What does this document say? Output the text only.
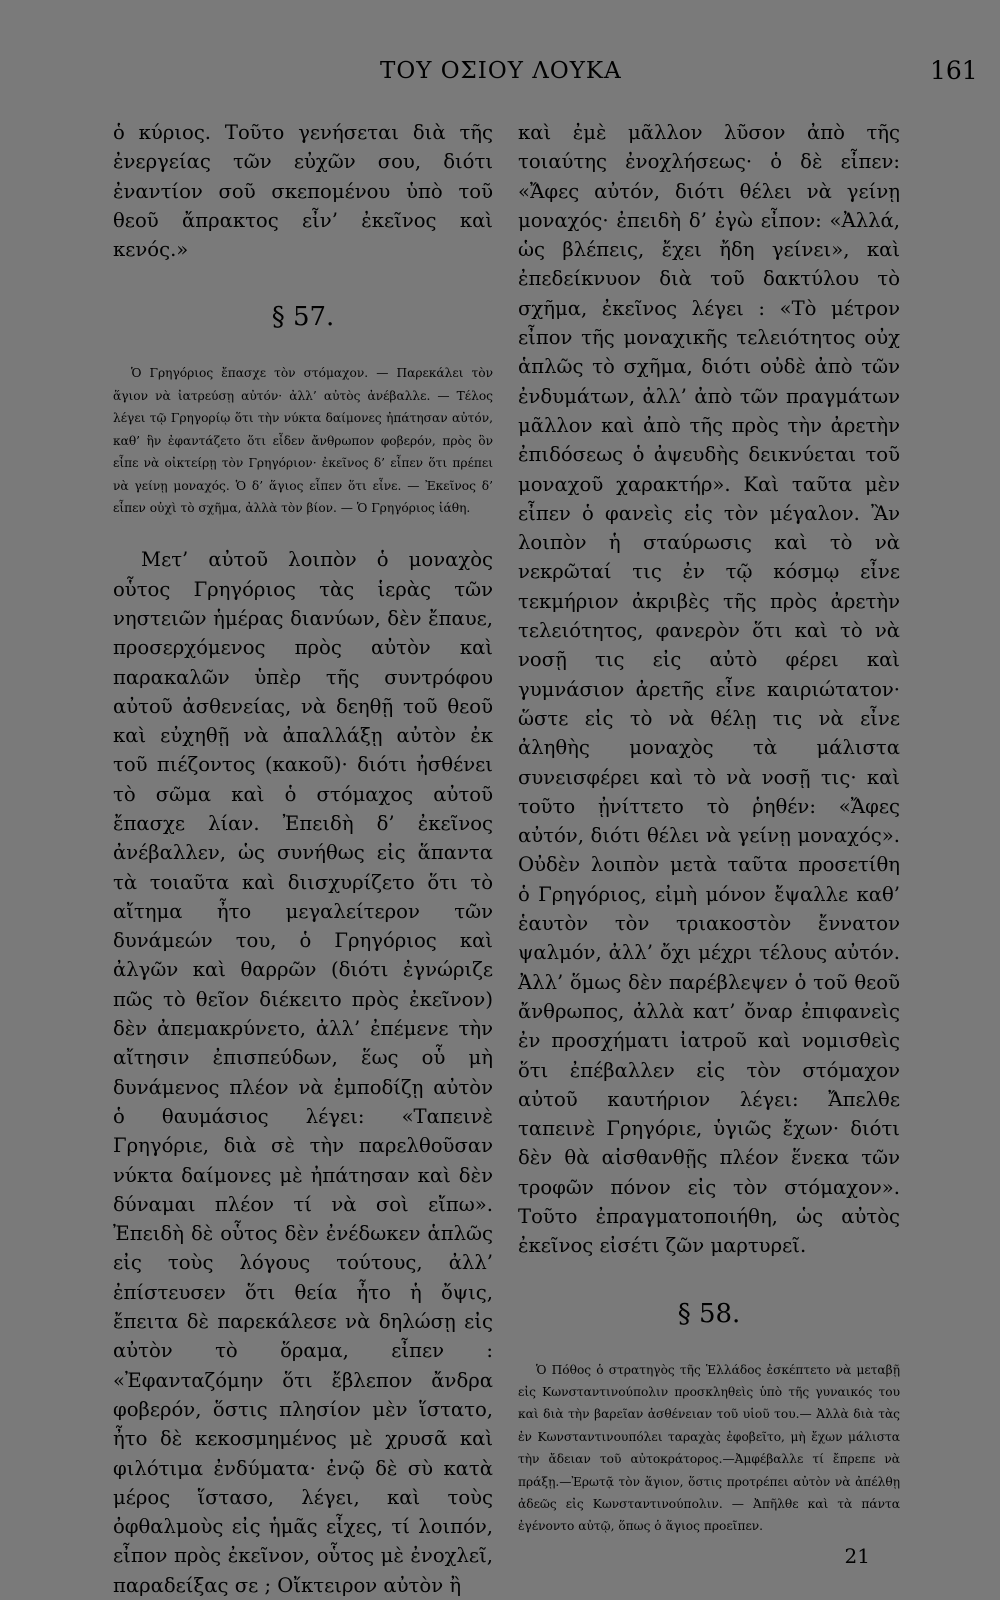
ΤΟΥ ΟΣΙΟΥ ΛΟΥΚΑ	161

ὁ κύριος. Τοῦτο γενήσεται διὰ τῆς ἐνεργείας τῶν εὐχῶν σου, διότι ἐναντίον σοῦ σκεπομένου ὑπὸ τοῦ θεοῦ ἄπρακτος εἶν’ ἐκεῖνος καὶ κενός.»

§ 57.

Ὁ Γρηγόριος ἔπασχε τὸν στόμαχον. — Παρεκάλει τὸν ἅγιον νὰ ἰατρεύσῃ αὐτόν· ἀλλ’ αὐτὸς ἀνέβαλλε. — Τέλος λέγει τῷ Γρηγορίῳ ὅτι τὴν νύκτα δαίμονες ἠπάτησαν αὐτόν, καθ’ ἣν ἐφαντάζετο ὅτι εἶδεν ἄνθρωπον φοβερόν, πρὸς ὃν εἶπε νὰ οἰκτείρῃ τὸν Γρηγόριον· ἐκεῖνος δ’ εἶπεν ὅτι πρέπει νὰ γείνῃ μοναχός. Ὁ δ’ ἅγιος εἶπεν ὅτι εἶνε. — Ἐκεῖνος δ’ εἶπεν οὐχὶ τὸ σχῆμα, ἀλλὰ τὸν βίον. — Ὁ Γρηγόριος ἰάθη.

Μετ’ αὐτοῦ λοιπὸν ὁ μοναχὸς οὗτος Γρηγόριος τὰς ἱερὰς τῶν νηστειῶν ἡμέρας διανύων, δὲν ἔπαυε, προσερχόμενος πρὸς αὐτὸν καὶ παρακαλῶν ὑπὲρ τῆς συντρόφου αὐτοῦ ἀσθενείας, νὰ δεηθῇ τοῦ θεοῦ καὶ εὐχηθῇ νὰ ἀπαλλάξῃ αὐτὸν ἐκ τοῦ πιέζοντος (κακοῦ)· διότι ἠσθένει τὸ σῶμα καὶ ὁ στόμαχος αὐτοῦ ἔπασχε λίαν. Ἐπειδὴ δ’ ἐκεῖνος ἀνέβαλλεν, ὡς συνήθως εἰς ἅπαντα τὰ τοιαῦτα καὶ διισχυρίζετο ὅτι τὸ αἴτημα ἦτο μεγαλείτερον τῶν δυνάμεών του, ὁ Γρηγόριος καὶ ἀλγῶν καὶ θαρρῶν (διότι ἐγνώριζε πῶς τὸ θεῖον διέκειτο πρὸς ἐκεῖνον) δὲν ἀπεμακρύνετο, ἀλλ’ ἐπέμενε τὴν αἴτησιν ἐπισπεύδων, ἕως οὗ μὴ δυνάμενος πλέον νὰ ἐμποδίζῃ αὐτὸν ὁ θαυμάσιος λέγει: «Ταπεινὲ Γρηγόριε, διὰ σὲ τὴν παρελθοῦσαν νύκτα δαίμονες μὲ ἠπάτησαν καὶ δὲν δύναμαι πλέον τί νὰ σοὶ εἴπω». Ἐπειδὴ δὲ οὗτος δὲν ἐνέδωκεν ἁπλῶς εἰς τοὺς λόγους τούτους, ἀλλ’ ἐπίστευσεν ὅτι θεία ἦτο ἡ ὄψις, ἔπειτα δὲ παρεκάλεσε νὰ δηλώσῃ εἰς αὐτὸν τὸ ὅραμα, εἶπεν : «Ἐφανταζόμην ὅτι ἔβλεπον ἄνδρα φοβερόν, ὅστις πλησίον μὲν ἵστατο, ἦτο δὲ κεκοσμημένος μὲ χρυσᾶ καὶ φιλότιμα ἐνδύματα· ἐνῷ δὲ σὺ κατὰ μέρος ἵστασο, λέγει, καὶ τοὺς ὀφθαλμοὺς εἰς ἡμᾶς εἶχες, τί λοιπόν, εἶπον πρὸς ἐκεῖνον, οὗτος μὲ ἐνοχλεῖ, παραδείξας σε ; Οἴκτειρον αὐτὸν ἢ

καὶ ἐμὲ μᾶλλον λῦσον ἀπὸ τῆς τοιαύτης ἐνοχλήσεως· ὁ δὲ εἶπεν: «Ἄφες αὐτόν, διότι θέλει νὰ γείνῃ μοναχός· ἐπειδὴ δ’ ἐγὼ εἶπον: «Ἀλλά, ὡς βλέπεις, ἔχει ἤδη γείνει», καὶ ἐπεδείκνυον διὰ τοῦ δακτύλου τὸ σχῆμα, ἐκεῖνος λέγει : «Τὸ μέτρον εἶπον τῆς μοναχικῆς τελειότητος οὐχ ἁπλῶς τὸ σχῆμα, διότι οὐδὲ ἀπὸ τῶν ἐνδυμάτων, ἀλλ’ ἀπὸ τῶν πραγμάτων μᾶλλον καὶ ἀπὸ τῆς πρὸς τὴν ἀρετὴν ἐπιδόσεως ὁ ἀψευδὴς δεικνύεται τοῦ μοναχοῦ χαρακτήρ». Καὶ ταῦτα μὲν εἶπεν ὁ φανεὶς εἰς τὸν μέγαλον. Ἂν λοιπὸν ἡ σταύρωσις καὶ τὸ νὰ νεκρῶταί τις ἐν τῷ κόσμῳ εἶνε τεκμήριον ἀκριβὲς τῆς πρὸς ἀρετὴν τελειότητος, φανερὸν ὅτι καὶ τὸ νὰ νοσῇ τις εἰς αὐτὸ φέρει καὶ γυμνάσιον ἀρετῆς εἶνε καιριώτατον· ὥστε εἰς τὸ νὰ θέλῃ τις νὰ εἶνε ἀληθὴς μοναχὸς τὰ μάλιστα συνεισφέρει καὶ τὸ νὰ νοσῇ τις· καὶ τοῦτο ᾐνίττετο τὸ ῥηθέν: «Ἄφες αὐτόν, διότι θέλει νὰ γείνῃ μοναχός». Οὐδὲν λοιπὸν μετὰ ταῦτα προσετίθη ὁ Γρηγόριος, εἰμὴ μόνον ἔψαλλε καθ’ ἑαυτὸν τὸν τριακοστὸν ἔννατον ψαλμόν, ἀλλ’ ὄχι μέχρι τέλους αὐτόν. Ἀλλ’ ὅμως δὲν παρέβλεψεν ὁ τοῦ θεοῦ ἄνθρωπος, ἀλλὰ κατ’ ὄναρ ἐπιφανεὶς ἐν προσχήματι ἰατροῦ καὶ νομισθεὶς ὅτι ἐπέβαλλεν εἰς τὸν στόμαχον αὐτοῦ καυτήριον λέγει: Ἄπελθε ταπεινὲ Γρηγόριε, ὑγιῶς ἔχων· διότι δὲν θὰ αἰσθανθῇς πλέον ἕνεκα τῶν τροφῶν πόνον εἰς τὸν στόμαχον». Τοῦτο ἐπραγματοποιήθη, ὡς αὐτὸς ἐκεῖνος εἰσέτι ζῶν μαρτυρεῖ.

§ 58.

Ὁ Πόθος ὁ στρατηγὸς τῆς Ἑλλάδος ἐσκέπτετο νὰ μεταβῇ εἰς Κωνσταντινούπολιν προσκληθεὶς ὑπὸ τῆς γυναικός του καὶ διὰ τὴν βαρεῖαν ἀσθένειαν τοῦ υἱοῦ του.— Ἀλλὰ διὰ τὰς ἐν Κωνσταντινουπόλει ταραχὰς ἐφοβεῖτο, μὴ ἔχων μάλιστα τὴν ἄδειαν τοῦ αὐτοκράτορος.—Ἀμφέβαλλε τί ἔπρεπε νὰ πράξῃ.—Ἐρωτᾷ τὸν ἅγιον, ὅστις προτρέπει αὐτὸν νὰ ἀπέλθῃ ἀδεῶς εἰς Κωνσταντινούπολιν. — Ἀπῆλθε καὶ τὰ πάντα ἐγένοντο αὐτῷ, ὅπως ὁ ἅγιος προεῖπεν.

21
